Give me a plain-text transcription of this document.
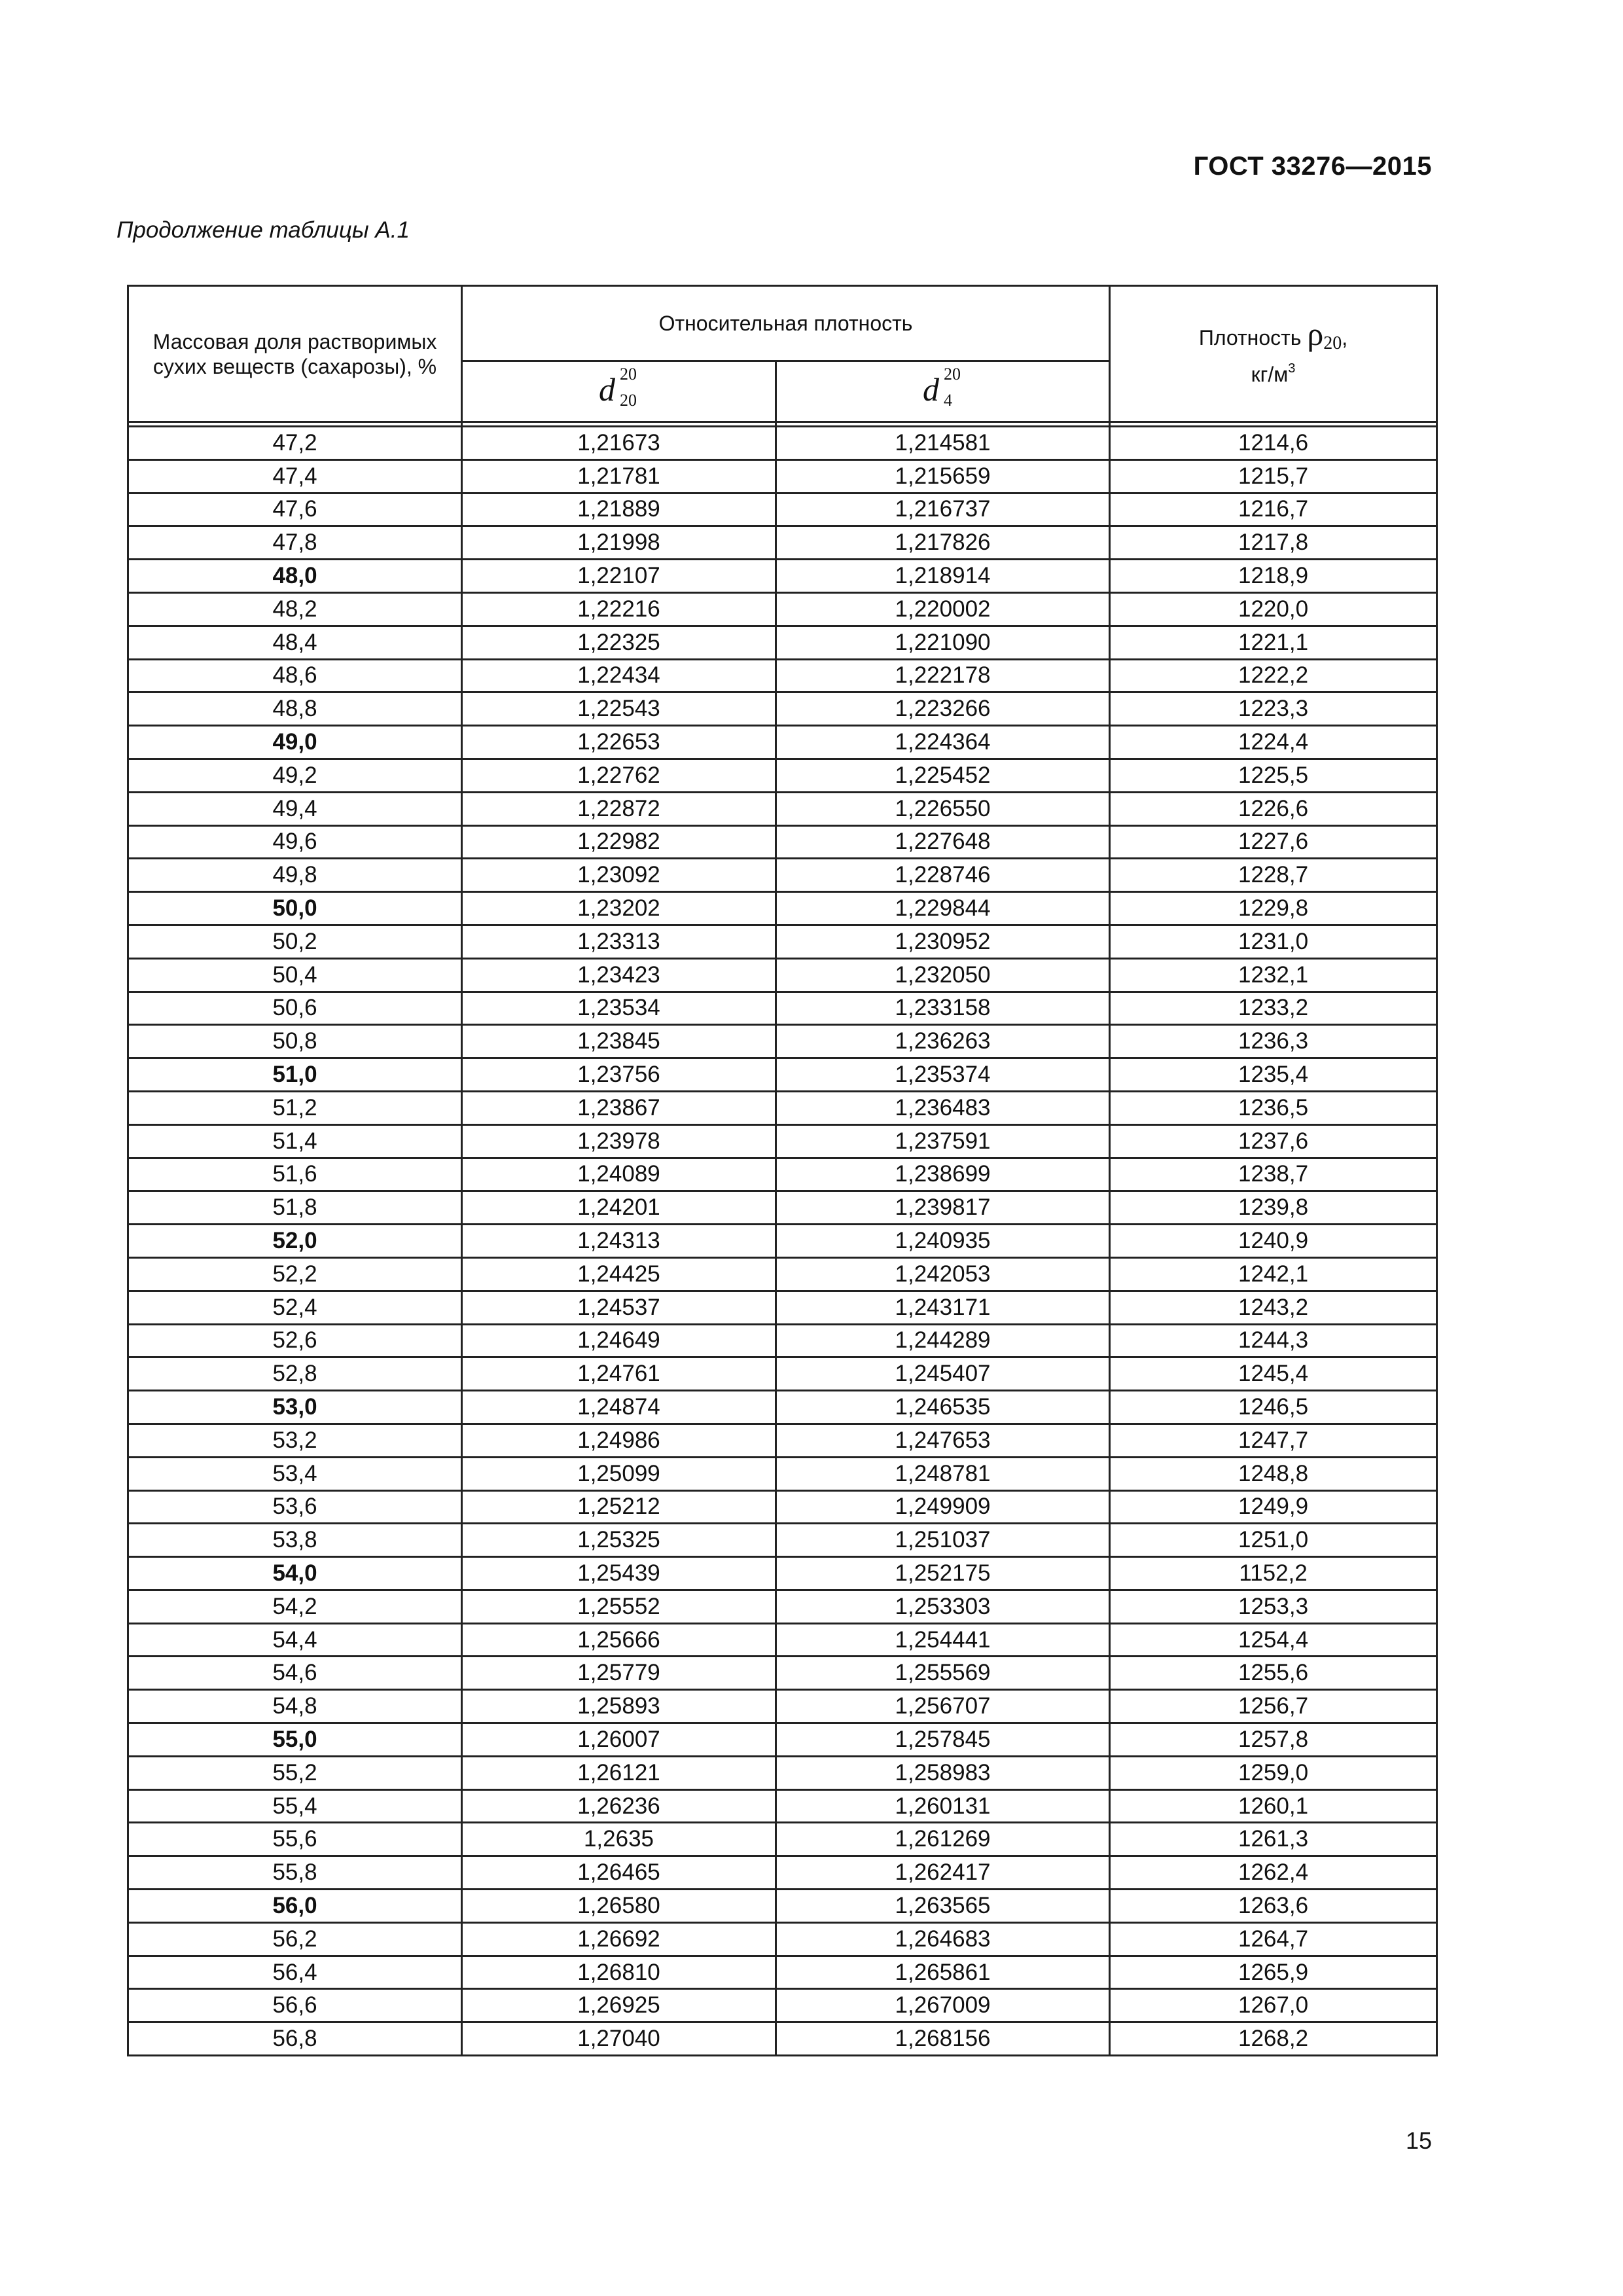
ГОСТ 33276—2015
Продолжение таблицы А.1
Массовая доля растворимых сухих веществ (сахарозы), %	Относительная плотность		Плотность ρ20,
$кг/м^3$

	d 20
20	d 20
4	

47,2	1,21673	1,214581	1214,6
47,4	1,21781	1,215659	1215,7
47,6	1,21889	1,216737	1216,7
47,8	1,21998	1,217826	1217,8
48,0	1,22107	1,218914	1218,9
48,2	1,22216	1,220002	1220,0
48,4	1,22325	1,221090	1221,1
48,6	1,22434	1,222178	1222,2
48,8	1,22543	1,223266	1223,3
49,0	1,22653	1,224364	1224,4
49,2	1,22762	1,225452	1225,5
49,4	1,22872	1,226550	1226,6
49,6	1,22982	1,227648	1227,6
49,8	1,23092	1,228746	1228,7
50,0	1,23202	1,229844	1229,8
50,2	1,23313	1,230952	1231,0
50,4	1,23423	1,232050	1232,1
50,6	1,23534	1,233158	1233,2
50,8	1,23845	1,236263	1236,3
51,0	1,23756	1,235374	1235,4
51,2	1,23867	1,236483	1236,5
51,4	1,23978	1,237591	1237,6
51,6	1,24089	1,238699	1238,7
51,8	1,24201	1,239817	1239,8
52,0	1,24313	1,240935	1240,9
52,2	1,24425	1,242053	1242,1
52,4	1,24537	1,243171	1243,2
52,6	1,24649	1,244289	1244,3
52,8	1,24761	1,245407	1245,4
53,0	1,24874	1,246535	1246,5
53,2	1,24986	1,247653	1247,7
53,4	1,25099	1,248781	1248,8
53,6	1,25212	1,249909	1249,9
53,8	1,25325	1,251037	1251,0
54,0	1,25439	1,252175	1152,2
54,2	1,25552	1,253303	1253,3
54,4	1,25666	1,254441	1254,4
54,6	1,25779	1,255569	1255,6
54,8	1,25893	1,256707	1256,7
55,0	1,26007	1,257845	1257,8
55,2	1,26121	1,258983	1259,0
55,4	1,26236	1,260131	1260,1
55,6	1,2635	1,261269	1261,3
55,8	1,26465	1,262417	1262,4
56,0	1,26580	1,263565	1263,6
56,2	1,26692	1,264683	1264,7
56,4	1,26810	1,265861	1265,9
56,6	1,26925	1,267009	1267,0
56,8	1,27040	1,268156	1268,2
15
